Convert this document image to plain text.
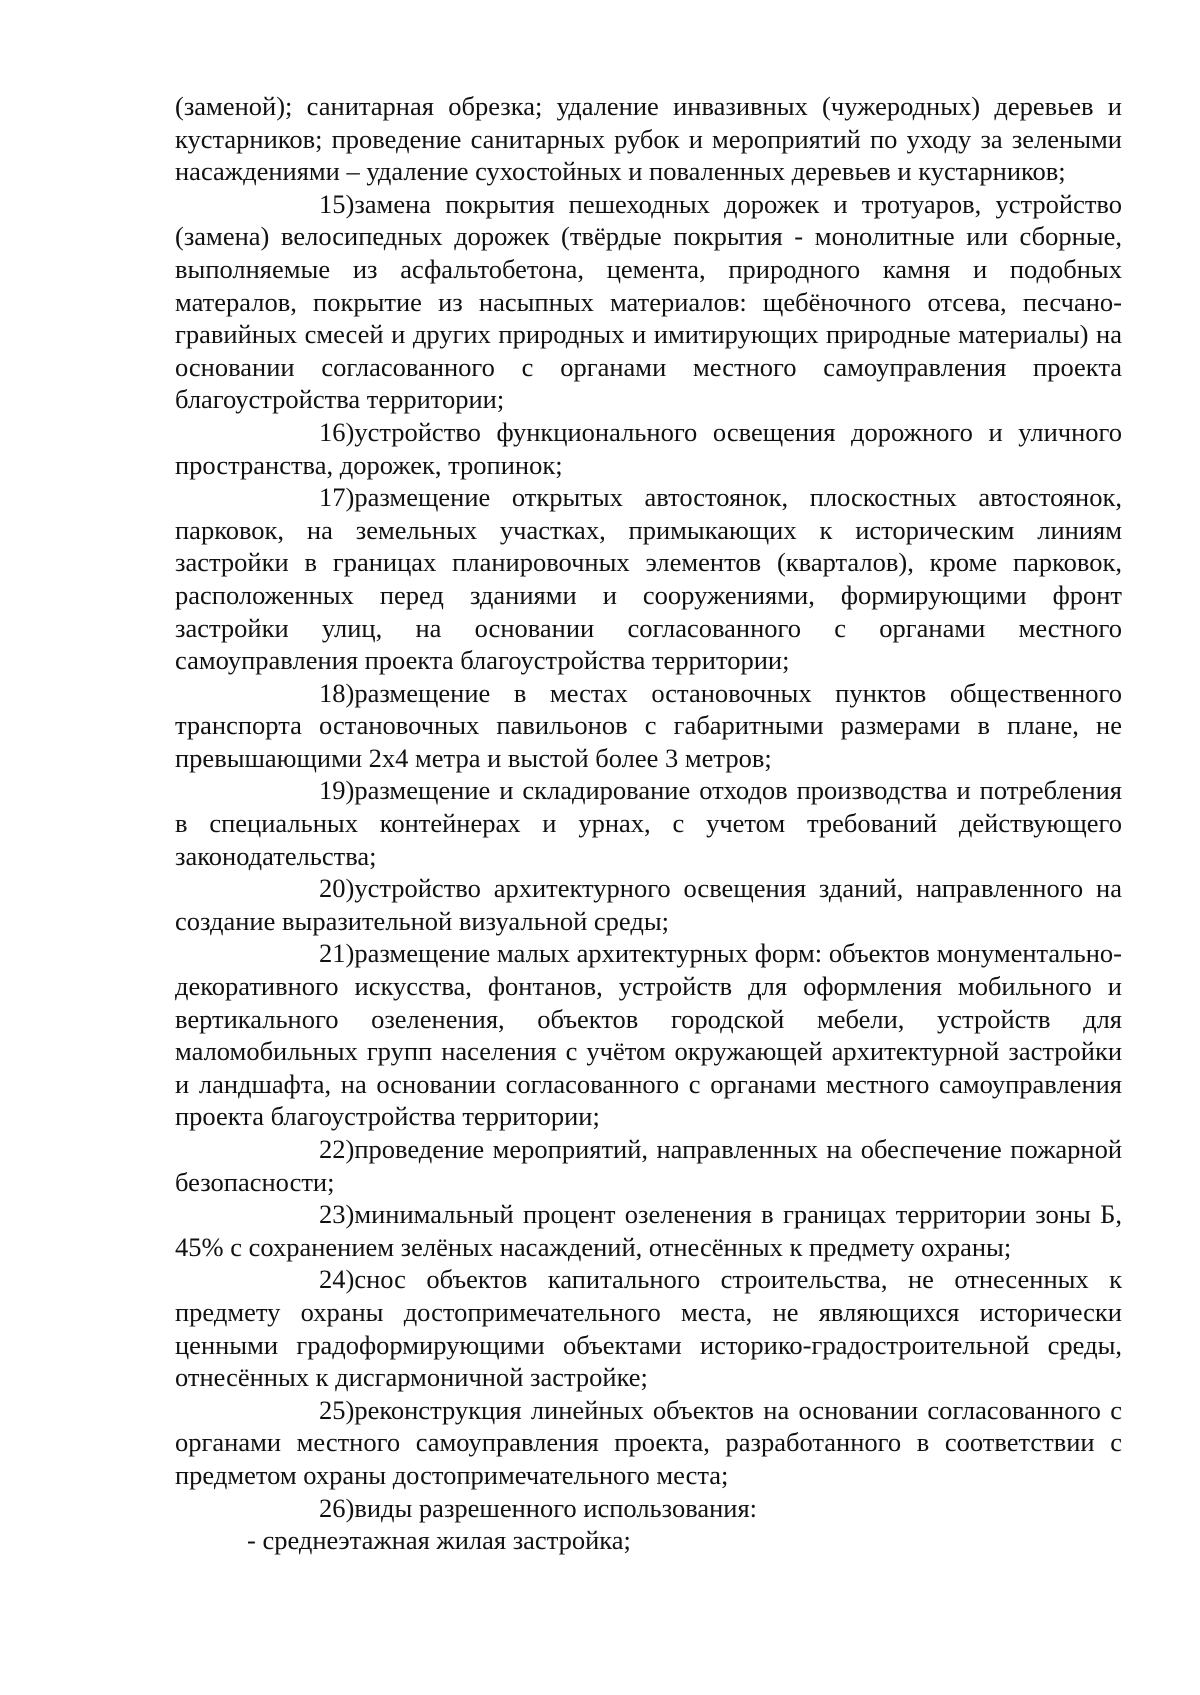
(заменой); санитарная обрезка; удаление инвазивных (чужеродных) деревьев и кустарников; проведение санитарных рубок и мероприятий по уходу за зелеными насаждениями – удаление сухостойных и поваленных деревьев и кустарников;

15)замена покрытия пешеходных дорожек и тротуаров, устройство (замена) велосипедных дорожек (твёрдые покрытия - монолитные или сборные, выполняемые из асфальтобетона, цемента, природного камня и подобных матералов, покрытие из насыпных материалов: щебёночного отсева, песчано-гравийных смесей и других природных и имитирующих природные материалы) на основании согласованного с органами местного самоуправления проекта благоустройства территории;

16)устройство функционального освещения дорожного и уличного пространства, дорожек, тропинок;

17)размещение открытых автостоянок, плоскостных автостоянок, парковок, на земельных участках, примыкающих к историческим линиям застройки в границах планировочных элементов (кварталов), кроме парковок, расположенных перед зданиями и сооружениями, формирующими фронт застройки улиц, на основании согласованного с органами местного самоуправления проекта благоустройства территории;

18)размещение в местах остановочных пунктов общественного транспорта остановочных павильонов с габаритными размерами в плане, не превышающими 2х4 метра и выстой более 3 метров;

19)размещение и складирование отходов производства и потребления в специальных контейнерах и урнах, с учетом требований действующего законодательства;

20)устройство архитектурного освещения зданий, направленного на создание выразительной визуальной среды;

21)размещение малых архитектурных форм: объектов монументально-декоративного искусства, фонтанов, устройств для оформления мобильного и вертикального озеленения, объектов городской мебели, устройств для маломобильных групп населения с учётом окружающей архитектурной застройки и ландшафта, на основании согласованного с органами местного самоуправления проекта благоустройства территории;

22)проведение мероприятий, направленных на обеспечение пожарной безопасности;

23)минимальный процент озеленения в границах территории зоны Б, 45% с сохранением зелёных насаждений, отнесённых к предмету охраны;

24)снос объектов капитального строительства, не отнесенных к предмету охраны достопримечательного места, не являющихся исторически ценными градоформирующими объектами историко-градостроительной среды, отнесённых к дисгармоничной застройке;

25)реконструкция линейных объектов на основании согласованного с органами местного самоуправления проекта, разработанного в соответствии с предметом охраны достопримечательного места;

26)виды разрешенного использования:

- среднеэтажная жилая застройка;
